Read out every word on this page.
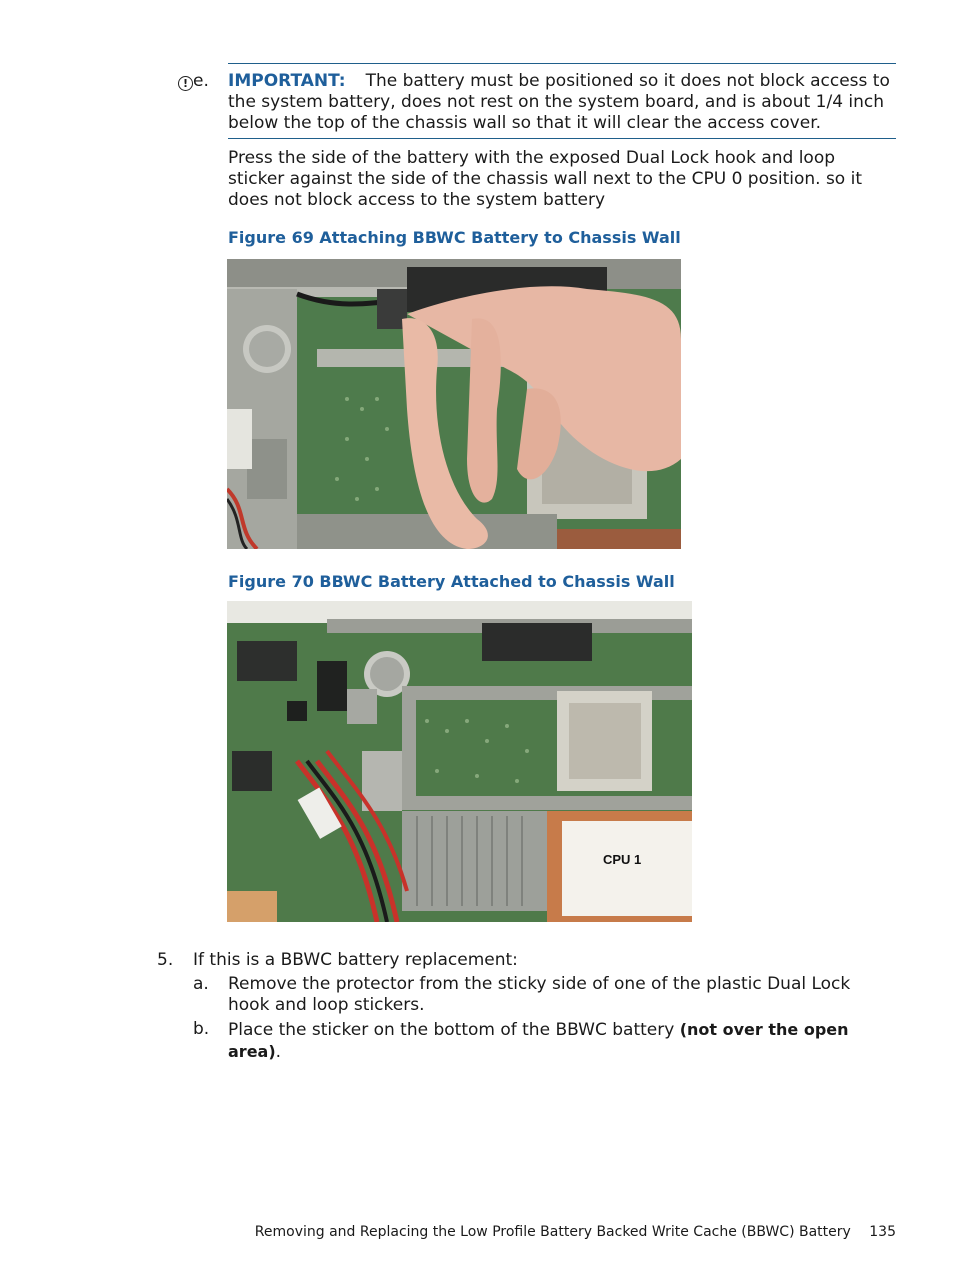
! e. IMPORTANT: The battery must be positioned so it does not block access to the system battery, does not rest on the system board, and is about 1/4 inch below the top of the chassis wall so that it will clear the access cover.
Press the side of the battery with the exposed Dual Lock hook and loop sticker against the side of the chassis wall next to the CPU 0 position. so it does not block access to the system battery
Figure 69 Attaching BBWC Battery to Chassis Wall
Figure 70 BBWC Battery Attached to Chassis Wall
CPU 1
5. If this is a BBWC battery replacement:
a. Remove the protector from the sticky side of one of the plastic Dual Lock hook and loop stickers.
b. Place the sticker on the bottom of the BBWC battery (not over the open area).
Removing and Replacing the Low Profile Battery Backed Write Cache (BBWC) Battery 135
